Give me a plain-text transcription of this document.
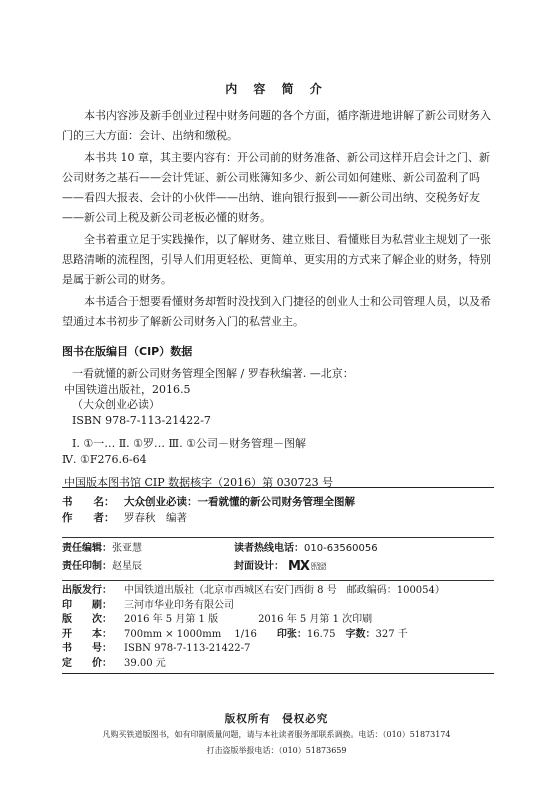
内 容 简 介

本书内容涉及新手创业过程中财务问题的各个方面，循序渐进地讲解了新公司财务入门的三大方面：会计、出纳和缴税。

本书共 10 章，其主要内容有：开公司前的财务准备、新公司这样开启会计之门、新公司财务之基石——会计凭证、新公司账簿知多少、新公司如何建账、新公司盈利了吗——看四大报表、会计的小伙伴——出纳、谁向银行报到——新公司出纳、交税务好友——新公司上税及新公司老板必懂的财务。

全书着重立足于实践操作，以了解财务、建立账目、看懂账目为私营业主规划了一张思路清晰的流程图，引导人们用更轻松、更简单、更实用的方式来了解企业的财务，特别是属于新公司的财务。

本书适合于想要看懂财务却暂时没找到入门捷径的创业人士和公司管理人员，以及希望通过本书初步了解新公司财务入门的私营业主。

图书在版编目（CIP）数据
一看就懂的新公司财务管理全图解 / 罗春秋编著. —北京：
中国铁道出版社，2016.5
（大众创业必读）
ISBN 978-7-113-21422-7
Ⅰ. ①一… Ⅱ. ①罗… Ⅲ. ①公司－财务管理－图解
Ⅳ. ①F276.6-64
中国版本图书馆 CIP 数据核字（2016）第 030723 号
书　　名： 大众创业必读：一看就懂的新公司财务管理全图解
作　　者： 罗春秋　编著
责任编辑：张亚慧	读者热线电话：010-63560056
责任印制：赵星辰	封面设计： MX DESIGN STUDIO
出版发行： 中国铁道出版社（北京市西城区右安门西街 8 号　邮政编码：100054）
印　　刷： 三河市华业印务有限公司
版　　次： 2016 年 5 月第 1 版　　　　2016 年 5 月第 1 次印刷
开　　本： 700mm × 1000mm　 1/16　　印张：16.75　字数：327 千
书　　号： ISBN 978-7-113-21422-7
定　　价： 39.00 元
版权所有　侵权必究
凡购买铁道版图书，如有印制质量问题，请与本社读者服务部联系调换。电话：（010）51873174
打击盗版举报电话：（010）51873659
